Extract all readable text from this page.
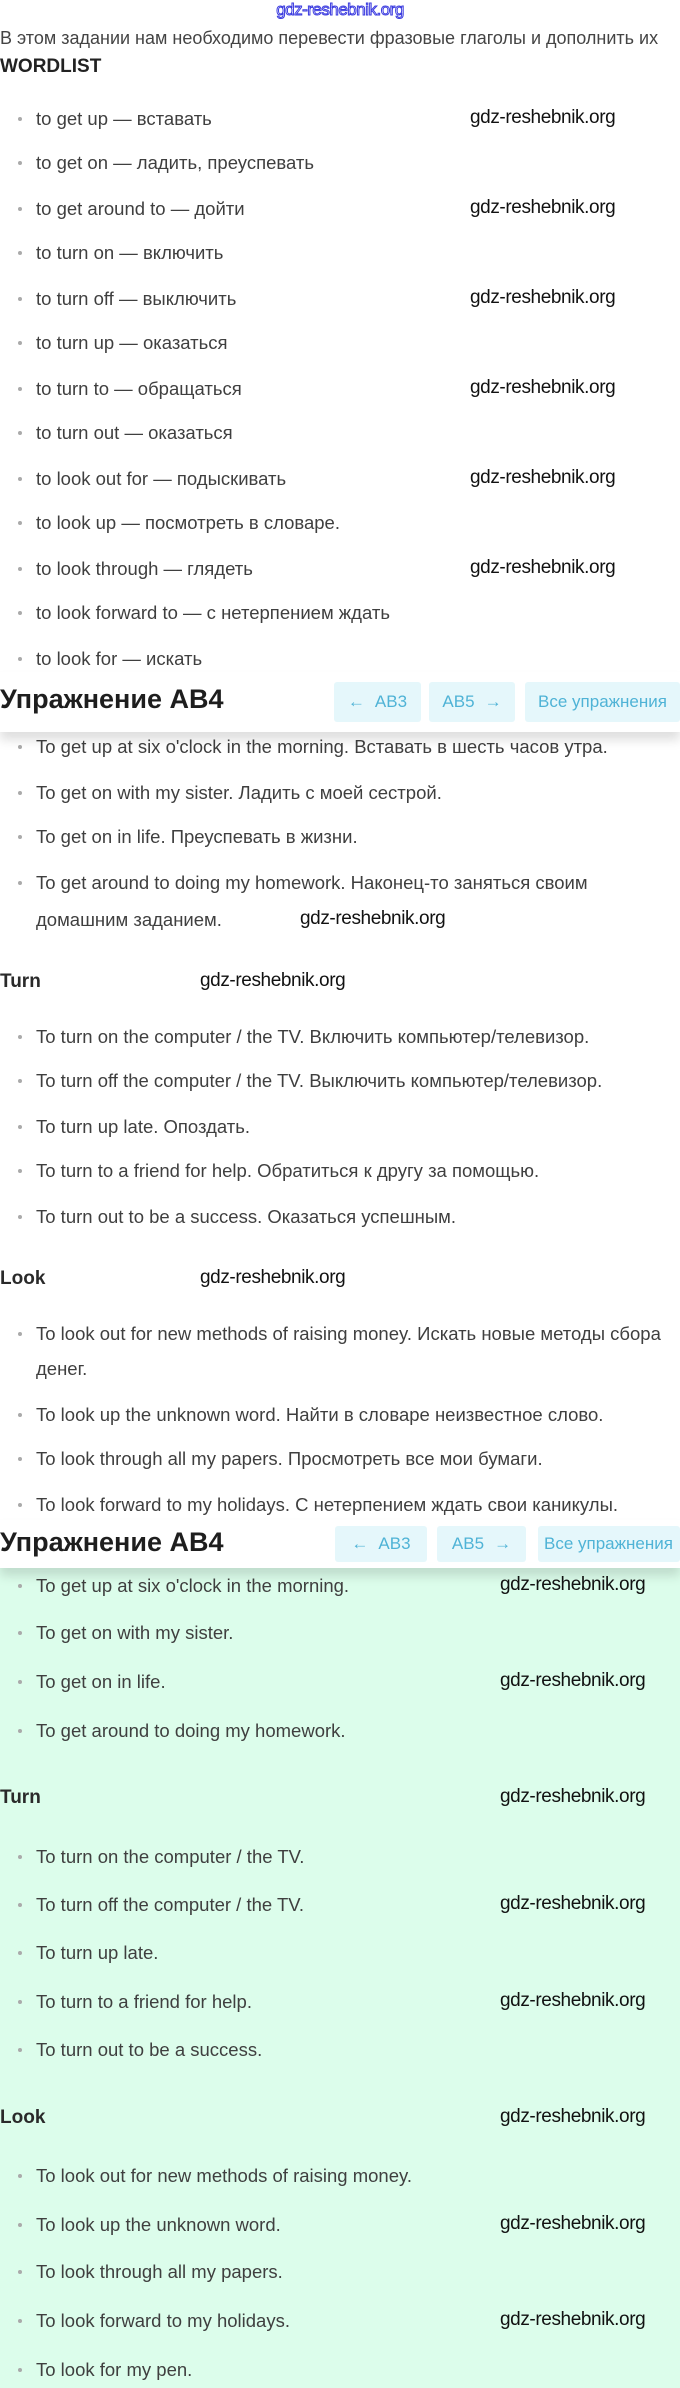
gdz-reshebnik.org
В этом задании нам необходимо перевести фразовые глаголы и дополнить их
WORDLIST
to get up — вставать
to get on — ладить, преуспевать
to get around to — дойти
to turn on — включить
to turn off — выключить
to turn up — оказаться
to turn to — обращаться
to turn out — оказаться
to look out for — подыскивать
to look up — посмотреть в словаре.
to look through — глядеть
to look forward to — с нетерпением ждать
to look for — искать
To get up at six o'clock in the morning. Вставать в шесть часов утра.
To get on with my sister. Ладить с моей сестрой.
To get on in life. Преуспевать в жизни.
To get around to doing my homework. Наконец-то заняться своим
домашним заданием.
Turn
To turn on the computer / the TV. Включить компьютер/телевизор.
To turn off the computer / the TV. Выключить компьютер/телевизор.
To turn up late. Опоздать.
To turn to a friend for help. Обратиться к другу за помощью.
To turn out to be a success. Оказаться успешным.
Look
To look out for new methods of raising money. Искать новые методы сбора
денег.
To look up the unknown word. Найти в словаре неизвестное слово.
To look through all my papers. Просмотреть все мои бумаги.
To look forward to my holidays. С нетерпением ждать свои каникулы.
To get up at six o'clock in the morning.
To get on with my sister.
To get on in life.
To get around to doing my homework.
Turn
To turn on the computer / the TV.
To turn off the computer / the TV.
To turn up late.
To turn to a friend for help.
To turn out to be a success.
Look
To look out for new methods of raising money.
To look up the unknown word.
To look through all my papers.
To look forward to my holidays.
To look for my pen.
Упражнение AB4	← AB3 AB5 → Все упражнения
Упражнение AB4	← AB3 AB5 → Все упражнения
gdz-reshebnik.org
gdz-reshebnik.org
gdz-reshebnik.org
gdz-reshebnik.org
gdz-reshebnik.org
gdz-reshebnik.org
gdz-reshebnik.org
gdz-reshebnik.org
gdz-reshebnik.org
gdz-reshebnik.org
gdz-reshebnik.org
gdz-reshebnik.org
gdz-reshebnik.org
gdz-reshebnik.org
gdz-reshebnik.org
gdz-reshebnik.org
gdz-reshebnik.org
